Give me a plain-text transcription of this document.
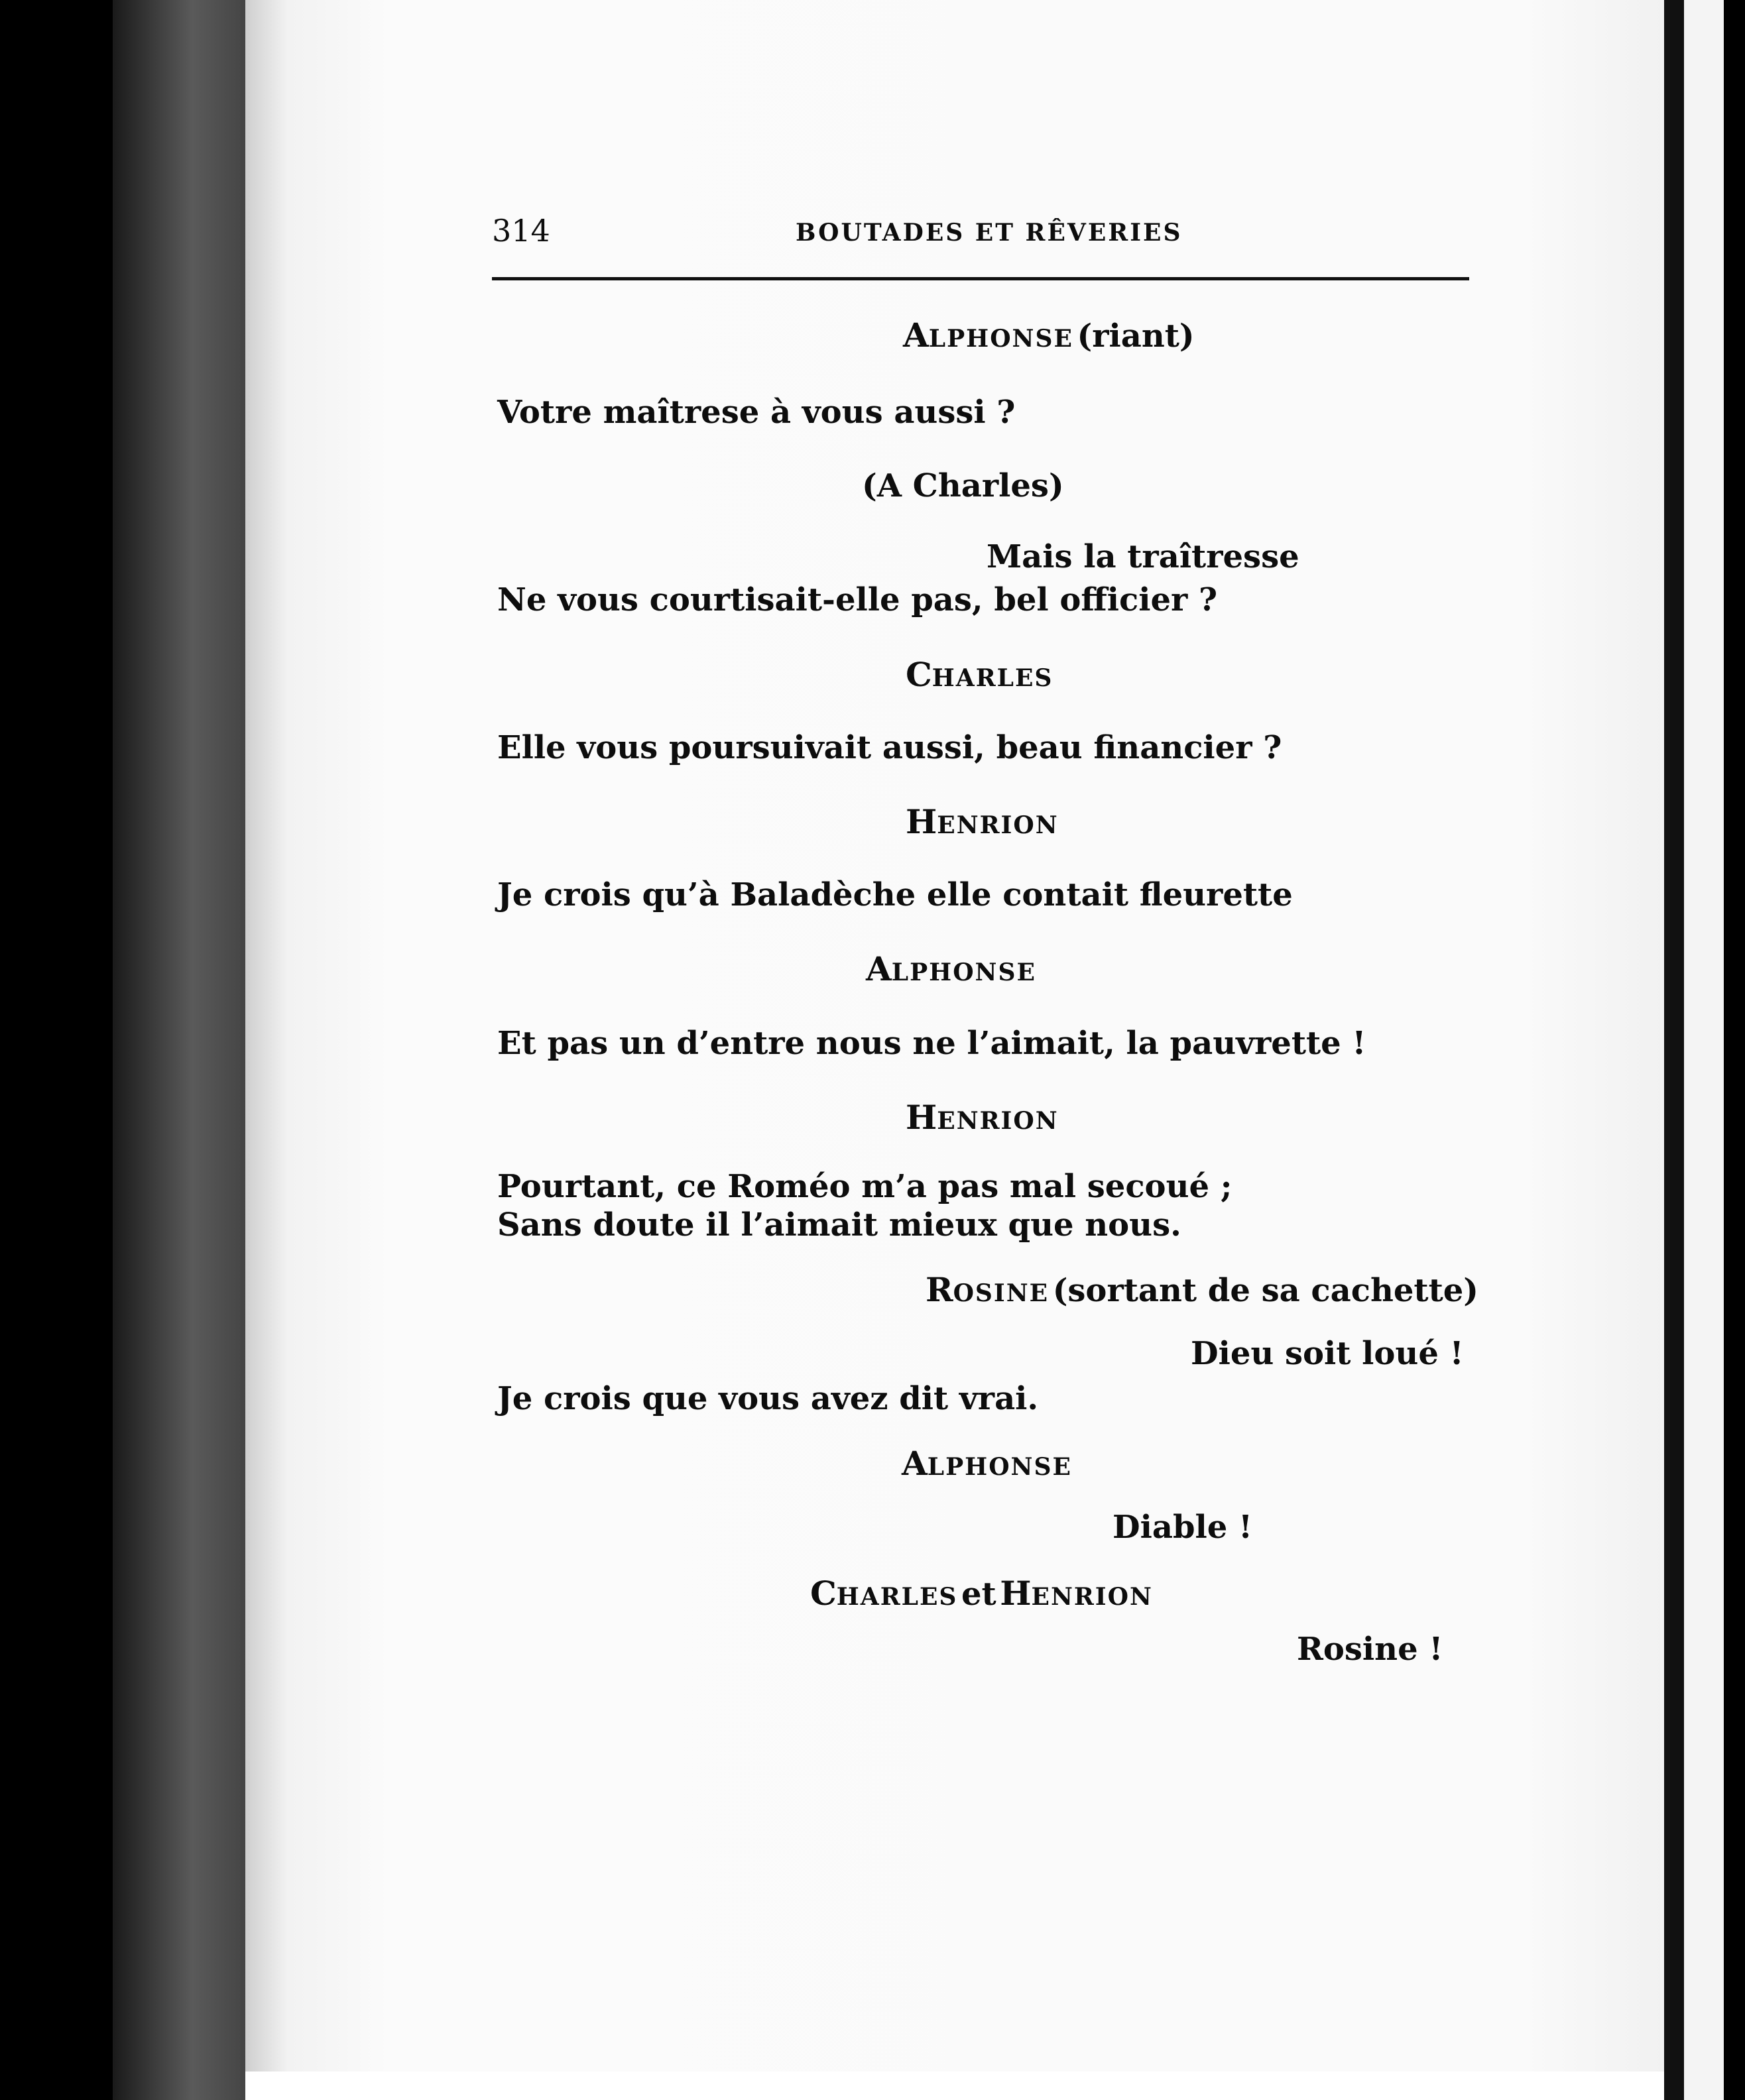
314	BOUTADES ET RÊVERIES
ALPHONSE (riant)
Votre maîtrese à vous aussi ?
(A Charles)
Mais la traîtresse
Ne vous courtisait-elle pas, bel officier ?
CHARLES
Elle vous poursuivait aussi, beau financier ?
HENRION
Je crois qu’à Baladèche elle contait fleurette
ALPHONSE
Et pas un d’entre nous ne l’aimait, la pauvrette !
HENRION
Pourtant, ce Roméo m’a pas mal secoué ;
Sans doute il l’aimait mieux que nous.
ROSINE (sortant de sa cachette)
Dieu soit loué !
Je crois que vous avez dit vrai.
ALPHONSE
Diable !
CHARLES et HENRION
Rosine !
